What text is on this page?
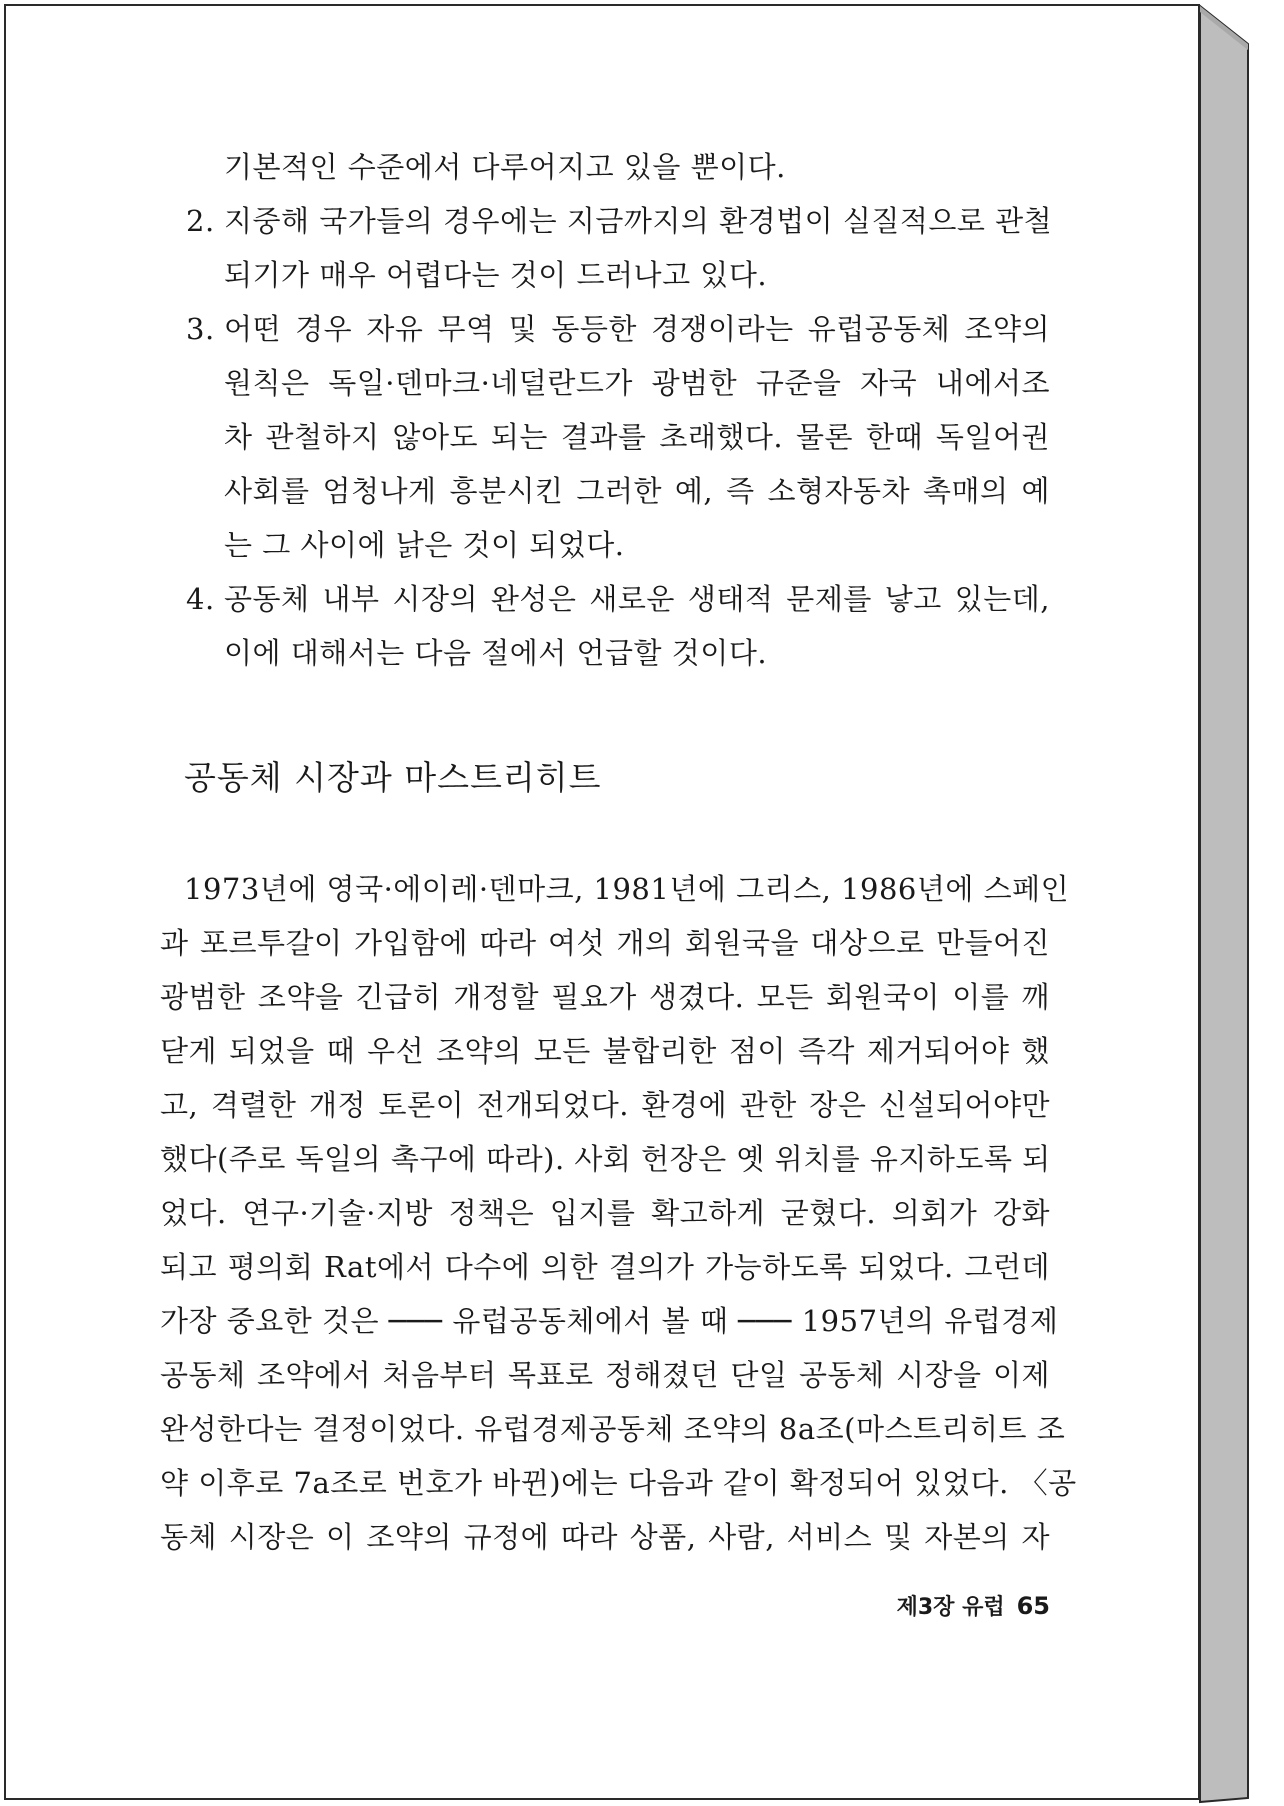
기본적인 수준에서 다루어지고 있을 뿐이다.
2. 지중해 국가들의 경우에는 지금까지의 환경법이 실질적으로 관철
되기가 매우 어렵다는 것이 드러나고 있다.
3. 어떤 경우 자유 무역 및 동등한 경쟁이라는 유럽공동체 조약의
원칙은 독일·덴마크·네덜란드가 광범한 규준을 자국 내에서조
차 관철하지 않아도 되는 결과를 초래했다. 물론 한때 독일어권
사회를 엄청나게 흥분시킨 그러한 예, 즉 소형자동차 촉매의 예
는 그 사이에 낡은 것이 되었다.
4. 공동체 내부 시장의 완성은 새로운 생태적 문제를 낳고 있는데,
이에 대해서는 다음 절에서 언급할 것이다.
공동체 시장과 마스트리히트
1973년에 영국·에이레·덴마크, 1981년에 그리스, 1986년에 스페인
과 포르투갈이 가입함에 따라 여섯 개의 회원국을 대상으로 만들어진
광범한 조약을 긴급히 개정할 필요가 생겼다. 모든 회원국이 이를 깨
닫게 되었을 때 우선 조약의 모든 불합리한 점이 즉각 제거되어야 했
고, 격렬한 개정 토론이 전개되었다. 환경에 관한 장은 신설되어야만
했다(주로 독일의 촉구에 따라). 사회 헌장은 옛 위치를 유지하도록 되
었다. 연구·기술·지방 정책은 입지를 확고하게 굳혔다. 의회가 강화
되고 평의회 Rat에서 다수에 의한 결의가 가능하도록 되었다. 그런데
가장 중요한 것은 ─── 유럽공동체에서 볼 때 ─── 1957년의 유럽경제
공동체 조약에서 처음부터 목표로 정해졌던 단일 공동체 시장을 이제
완성한다는 결정이었다. 유럽경제공동체 조약의 8a조(마스트리히트 조
약 이후로 7a조로 번호가 바뀐)에는 다음과 같이 확정되어 있었다. 〈공
동체 시장은 이 조약의 규정에 따라 상품, 사람, 서비스 및 자본의 자
제3장 유럽 65
